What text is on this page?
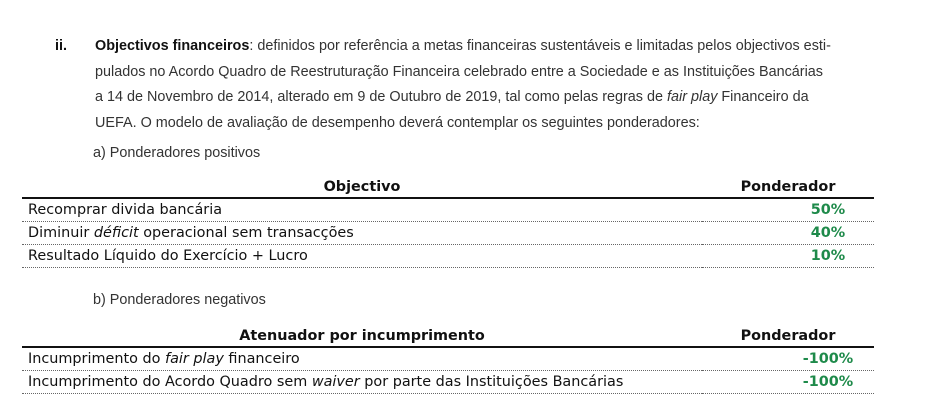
ii. Objectivos financeiros: definidos por referência a metas financeiras sustentáveis e limitadas pelos objectivos esti-
pulados no Acordo Quadro de Reestruturação Financeira celebrado entre a Sociedade e as Instituições Bancárias
a 14 de Novembro de 2014, alterado em 9 de Outubro de 2019, tal como pelas regras de fair play Financeiro da
UEFA. O modelo de avaliação de desempenho deverá contemplar os seguintes ponderadores:
a) Ponderadores positivos
Objectivo	Ponderador
Recomprar divida bancária	50%
Diminuir déficit operacional sem transacções	40%
Resultado Líquido do Exercício + Lucro	10%
b) Ponderadores negativos
Atenuador por incumprimento	Ponderador
Incumprimento do fair play financeiro	-100%
Incumprimento do Acordo Quadro sem waiver por parte das Instituições Bancárias	-100%
